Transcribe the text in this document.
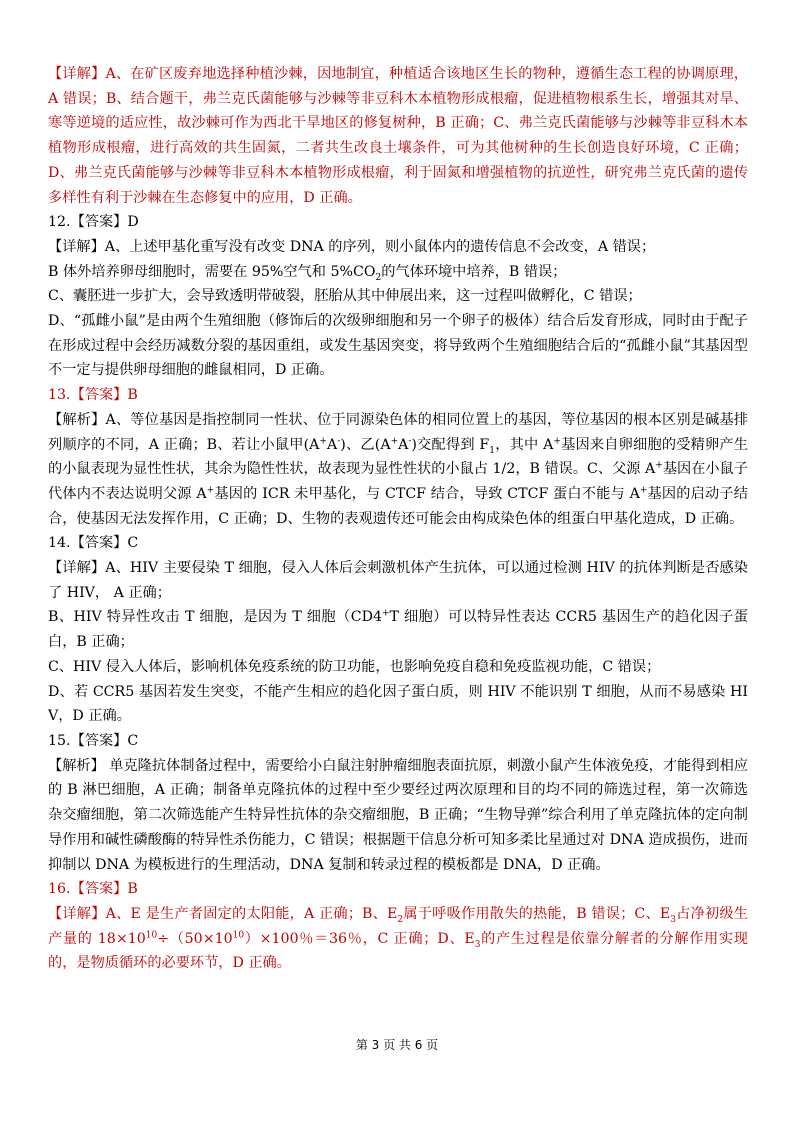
【详解】A、在矿区废弃地选择种植沙棘，因地制宜，种植适合该地区生长的物种，遵循生态工程的协调原理，A 错误；B、结合题干，弗兰克氏菌能够与沙棘等非豆科木本植物形成根瘤，促进植物根系生长，增强其对旱、寒等逆境的适应性，故沙棘可作为西北干旱地区的修复树种，B 正确；C、弗兰克氏菌能够与沙棘等非豆科木本植物形成根瘤，进行高效的共生固氮，二者共生改良土壤条件，可为其他树种的生长创造良好环境，C 正确；D、弗兰克氏菌能够与沙棘等非豆科木本植物形成根瘤，利于固氮和增强植物的抗逆性，研究弗兰克氏菌的遗传多样性有利于沙棘在生态修复中的应用，D 正确。

12.【答案】D

【详解】A、上述甲基化重写没有改变 DNA 的序列，则小鼠体内的遗传信息不会改变，A 错误；

B 体外培养卵母细胞时，需要在 95%空气和 $5\%CO_2$的气体环境中培养，B 错误；

C、囊胚进一步扩大，会导致透明带破裂，胚胎从其中伸展出来，这一过程叫做孵化，C 错误；

D、“孤雌小鼠”是由两个生殖细胞（修饰后的次级卵细胞和另一个卵子的极体）结合后发育形成，同时由于配子在形成过程中会经历减数分裂的基因重组，或发生基因突变，将导致两个生殖细胞结合后的“孤雌小鼠”其基因型不一定与提供卵母细胞的雌鼠相同，D 正确。

13.【答案】B

【解析】A、等位基因是指控制同一性状、位于同源染色体的相同位置上的基因，等位基因的根本区别是碱基排列顺序的不同，A 正确；B、若让小鼠甲(A+A-)、乙(A+A-)交配得到 $F_1$，其中 A+基因来自卵细胞的受精卵产生的小鼠表现为显性性状，其余为隐性性状，故表现为显性性状的小鼠占 1/2，B 错误。C、父源 A+基因在小鼠子代体内不表达说明父源 A+基因的 ICR 未甲基化，与 CTCF 结合，导致 CTCF 蛋白不能与 A+基因的启动子结合，使基因无法发挥作用，C 正确；D、生物的表观遗传还可能会由构成染色体的组蛋白甲基化造成，D 正确。

14.【答案】C

【详解】A、HIV 主要侵染 T 细胞，侵入人体后会刺激机体产生抗体，可以通过检测 HIV 的抗体判断是否感染了 HIV， A 正确；

B、HIV 特异性攻击 T 细胞，是因为 T 细胞（CD4+T 细胞）可以特异性表达 CCR5 基因生产的趋化因子蛋白，B 正确；

C、HIV 侵入人体后，影响机体免疫系统的防卫功能，也影响免疫自稳和免疫监视功能，C 错误；

D、若 CCR5 基因若发生突变，不能产生相应的趋化因子蛋白质，则 HIV 不能识别 T 细胞，从而不易感染 HIV，D 正确。

15.【答案】C

【解析】 单克隆抗体制备过程中，需要给小白鼠注射肿瘤细胞表面抗原，刺激小鼠产生体液免疫，才能得到相应的 B 淋巴细胞，A 正确；制备单克隆抗体的过程中至少要经过两次原理和目的均不同的筛选过程，第一次筛选杂交瘤细胞，第二次筛选能产生特异性抗体的杂交瘤细胞，B 正确；“生物导弹”综合利用了单克隆抗体的定向制导作用和碱性磷酸酶的特异性杀伤能力，C 错误；根据题干信息分析可知多柔比星通过对 DNA 造成损伤，进而抑制以 DNA 为模板进行的生理活动，DNA 复制和转录过程的模板都是 DNA，D 正确。

16.【答案】B

【详解】A、E 是生产者固定的太阳能，A 正确；B、$E_2$属于呼吸作用散失的热能，B 错误；C、$E_3$占净初级生产量的 $18\times 10^{10}\div(50\times 10^{10})\times 100$％＝36％，C 正确；D、$E_3$的产生过程是依靠分解者的分解作用实现的，是物质循环的必要环节，D 正确。

第 3 页 共 6 页
